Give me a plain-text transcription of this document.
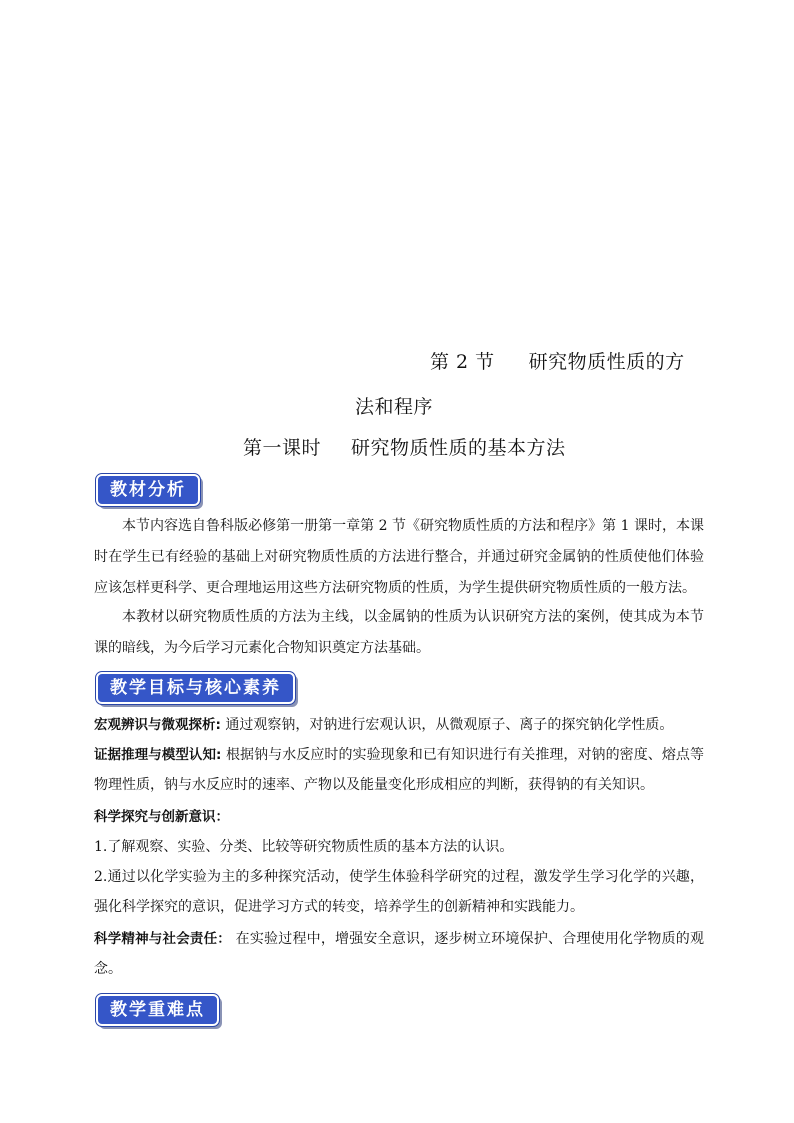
第 2 节 研究物质性质的方
法和程序
第一课时 研究物质性质的基本方法
教材分析
本节内容选自鲁科版必修第一册第一章第 2 节《研究物质性质的方法和程序》第 1 课时，本课时在学生已有经验的基础上对研究物质性质的方法进行整合，并通过研究金属钠的性质使他们体验应该怎样更科学、更合理地运用这些方法研究物质的性质，为学生提供研究物质性质的一般方法。
本教材以研究物质性质的方法为主线，以金属钠的性质为认识研究方法的案例，使其成为本节课的暗线，为今后学习元素化合物知识奠定方法基础。
教学目标与核心素养
宏观辨识与微观探析: 通过观察钠，对钠进行宏观认识，从微观原子、离子的探究钠化学性质。
证据推理与模型认知: 根据钠与水反应时的实验现象和已有知识进行有关推理，对钠的密度、熔点等物理性质，钠与水反应时的速率、产物以及能量变化形成相应的判断，获得钠的有关知识。
科学探究与创新意识：
1.了解观察、实验、分类、比较等研究物质性质的基本方法的认识。
2.通过以化学实验为主的多种探究活动，使学生体验科学研究的过程，激发学生学习化学的兴趣，强化科学探究的意识，促进学习方式的转变，培养学生的创新精神和实践能力。
科学精神与社会责任： 在实验过程中，增强安全意识，逐步树立环境保护、合理使用化学物质的观念。
教学重难点
